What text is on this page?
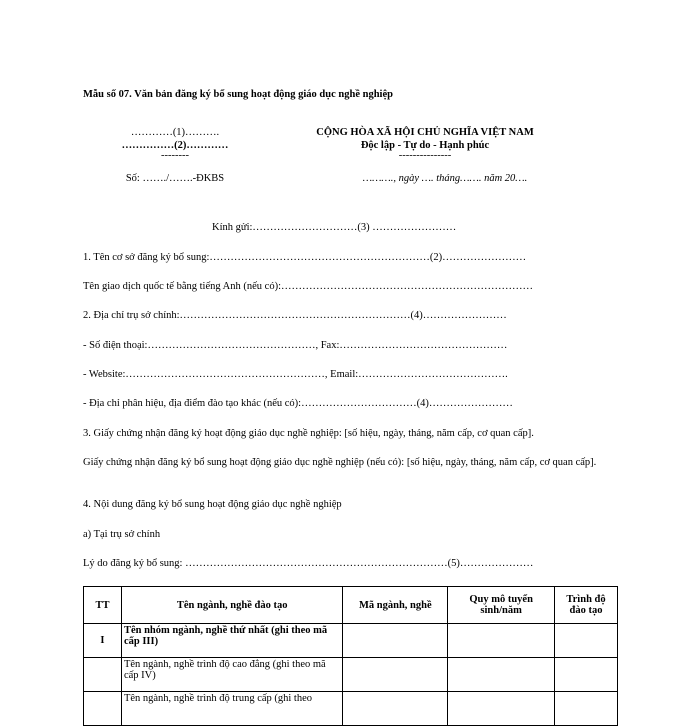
Mẫu số 07. Văn bản đăng ký bổ sung hoạt động giáo dục nghề nghiệp
…………(1)……….
……………(2)…………
--------
Số: ……./…….-ĐKBS
CỘNG HÒA XÃ HỘI CHỦ NGHĨA VIỆT NAM
Độc lập - Tự do - Hạnh phúc
---------------
………., ngày …. tháng……. năm 20….
Kính gửi:…………………………(3) ……………………
1. Tên cơ sở đăng ký bổ sung:………………………………………………………(2)……………………
Tên giao dịch quốc tế bằng tiếng Anh (nếu có):………………………………………………………………
2. Địa chỉ trụ sở chính:…………………………………………………………(4)……………………
- Số điện thoại:…………………………………………, Fax:…………………………………………
- Website:…………………………………………………, Email:…………………………………….
- Địa chỉ phân hiệu, địa điểm đào tạo khác (nếu có):……………………………(4)……………………
3. Giấy chứng nhận đăng ký hoạt động giáo dục nghề nghiệp: [số hiệu, ngày, tháng, năm cấp, cơ quan cấp].
Giấy chứng nhận đăng ký bổ sung hoạt động giáo dục nghề nghiệp (nếu có): [số hiệu, ngày, tháng, năm cấp, cơ quan cấp].
4. Nội dung đăng ký bổ sung hoạt động giáo dục nghề nghiệp
a) Tại trụ sở chính
Lý do đăng ký bổ sung: …………………………………………………………………(5)…………………
TT	Tên ngành, nghề đào tạo	Mã ngành, nghề	Quy mô tuyển sinh/năm	Trình độ đào tạo
I	Tên nhóm ngành, nghề thứ nhất (ghi theo mã cấp III)			
	Tên ngành, nghề trình độ cao đẳng (ghi theo mã cấp IV)			
	Tên ngành, nghề trình độ trung cấp (ghi theo			
